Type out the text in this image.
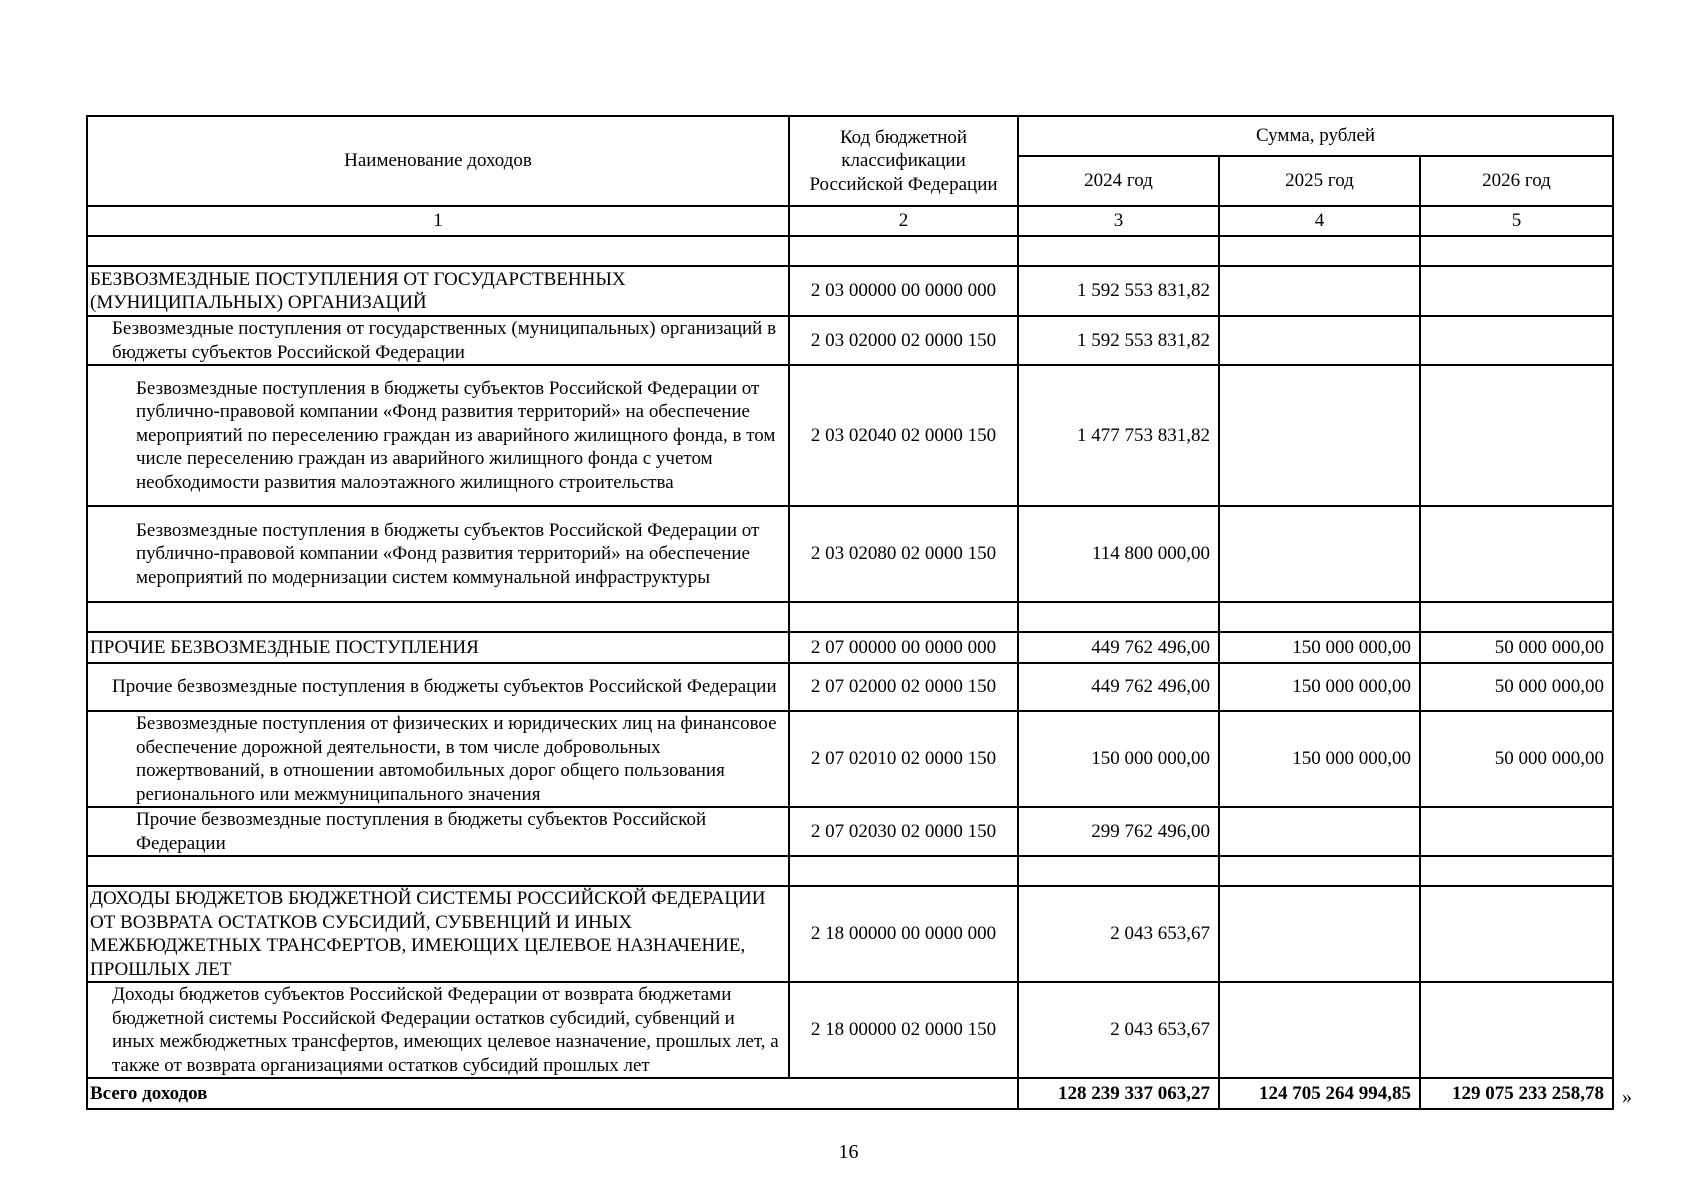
Наименование доходов	Код бюджетной классификации Российской Федерации	Сумма, рублей		
		2024 год	2025 год	2026 год
1	2	3	4	5

БЕЗВОЗМЕЗДНЫЕ ПОСТУПЛЕНИЯ ОТ ГОСУДАРСТВЕННЫХ (МУНИЦИПАЛЬНЫХ) ОРГАНИЗАЦИЙ	2 03 00000 00 0000 000	1 592 553 831,82		
Безвозмездные поступления от государственных (муниципальных) организаций в бюджеты субъектов Российской Федерации	2 03 02000 02 0000 150	1 592 553 831,82		
Безвозмездные поступления в бюджеты субъектов Российской Федерации от публично-правовой компании «Фонд развития территорий» на обеспечение мероприятий по переселению граждан из аварийного жилищного фонда, в том числе переселению граждан из аварийного жилищного фонда с учетом необходимости развития малоэтажного жилищного строительства	2 03 02040 02 0000 150	1 477 753 831,82		
Безвозмездные поступления в бюджеты субъектов Российской Федерации от публично-правовой компании «Фонд развития территорий» на обеспечение мероприятий по модернизации систем коммунальной инфраструктуры	2 03 02080 02 0000 150	114 800 000,00		

ПРОЧИЕ БЕЗВОЗМЕЗДНЫЕ ПОСТУПЛЕНИЯ	2 07 00000 00 0000 000	449 762 496,00	150 000 000,00	50 000 000,00
Прочие безвозмездные поступления в бюджеты субъектов Российской Федерации	2 07 02000 02 0000 150	449 762 496,00	150 000 000,00	50 000 000,00
Безвозмездные поступления от физических и юридических лиц на финансовое обеспечение дорожной деятельности, в том числе добровольных пожертвований, в отношении автомобильных дорог общего пользования регионального или межмуниципального значения	2 07 02010 02 0000 150	150 000 000,00	150 000 000,00	50 000 000,00
Прочие безвозмездные поступления в бюджеты субъектов Российской Федерации	2 07 02030 02 0000 150	299 762 496,00		

ДОХОДЫ БЮДЖЕТОВ БЮДЖЕТНОЙ СИСТЕМЫ РОССИЙСКОЙ ФЕДЕРАЦИИ ОТ ВОЗВРАТА ОСТАТКОВ СУБСИДИЙ, СУБВЕНЦИЙ И ИНЫХ МЕЖБЮДЖЕТНЫХ ТРАНСФЕРТОВ, ИМЕЮЩИХ ЦЕЛЕВОЕ НАЗНАЧЕНИЕ, ПРОШЛЫХ ЛЕТ	2 18 00000 00 0000 000	2 043 653,67		
Доходы бюджетов субъектов Российской Федерации от возврата бюджетами бюджетной системы Российской Федерации остатков субсидий, субвенций и иных межбюджетных трансфертов, имеющих целевое назначение, прошлых лет, а также от возврата организациями остатков субсидий прошлых лет	2 18 00000 02 0000 150	2 043 653,67		
Всего доходов		128 239 337 063,27	124 705 264 994,85	129 075 233 258,78 »
16
